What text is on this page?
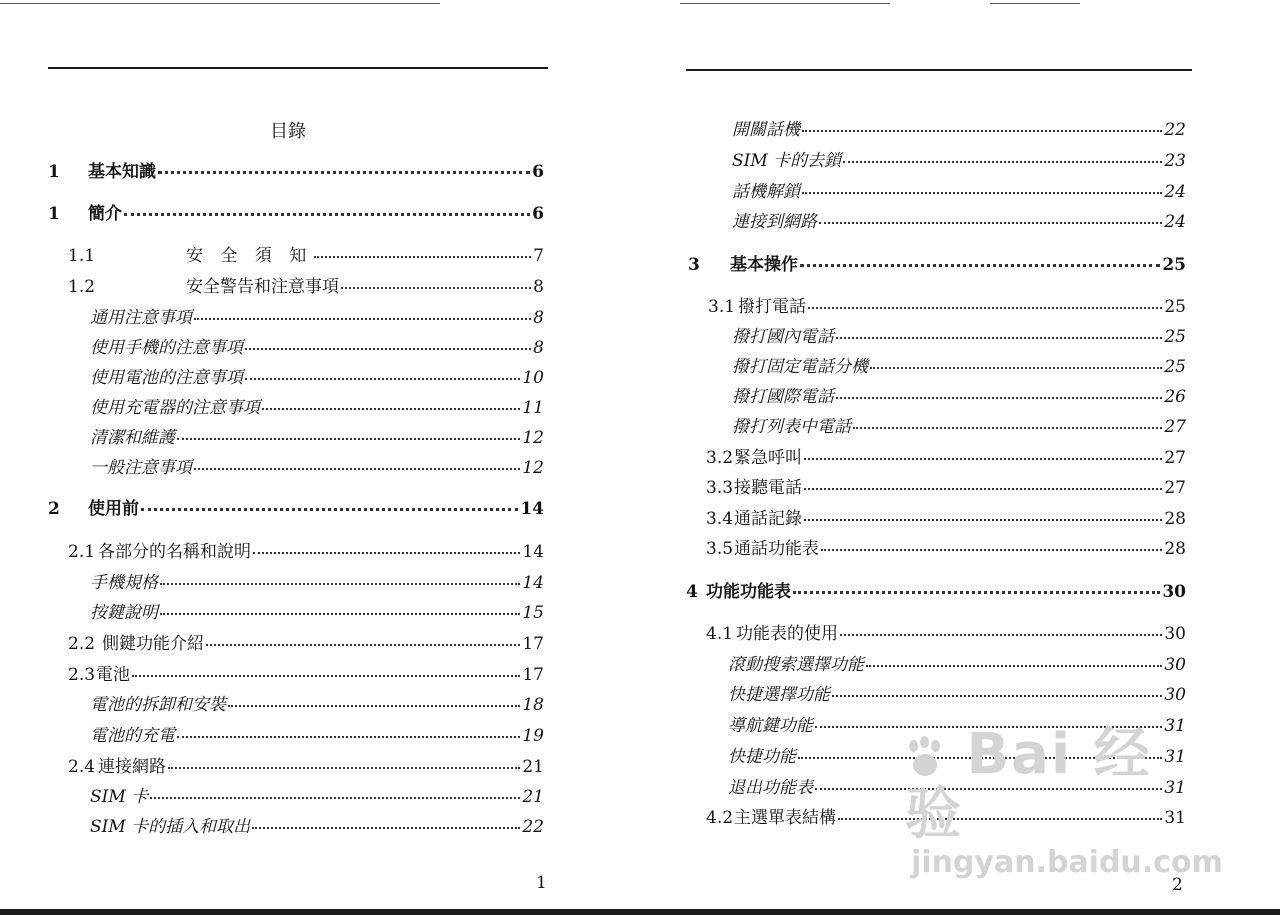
目錄
1	基本知識	6
1	簡介	6
1.1	安 全 須 知	7
1.2	安全警告和注意事項	8
通用注意事項	8
使用手機的注意事項	8
使用電池的注意事項	10
使用充電器的注意事項	11
清潔和維護	12
一般注意事項	12
2	使用前	14
2.1 各部分的名稱和說明	14
手機規格	14
按鍵說明	15
2.2 側鍵功能介紹	17
2.3 電池	17
電池的拆卸和安裝	18
電池的充電	19
2.4 連接網路	21
SIM 卡	21
SIM 卡的插入和取出	22
1
開關話機	22
SIM 卡的去鎖	23
話機解鎖	24
連接到網路	24
3	基本操作	25
3.1 撥打電話	25
撥打國內電話	25
撥打固定電話分機	25
撥打國際電話	26
撥打列表中電話	27
3.2 緊急呼叫	27
3.3 接聽電話	27
3.4 通話記錄	28
3.5 通話功能表	28
4 功能功能表	30
4.1 功能表的使用	30
滾動搜索選擇功能	30
快捷選擇功能	30
導航鍵功能	31
快捷功能	31
退出功能表	31
4.2 主選單表結構	31
2
Bai 经验
jingyan.baidu.com
